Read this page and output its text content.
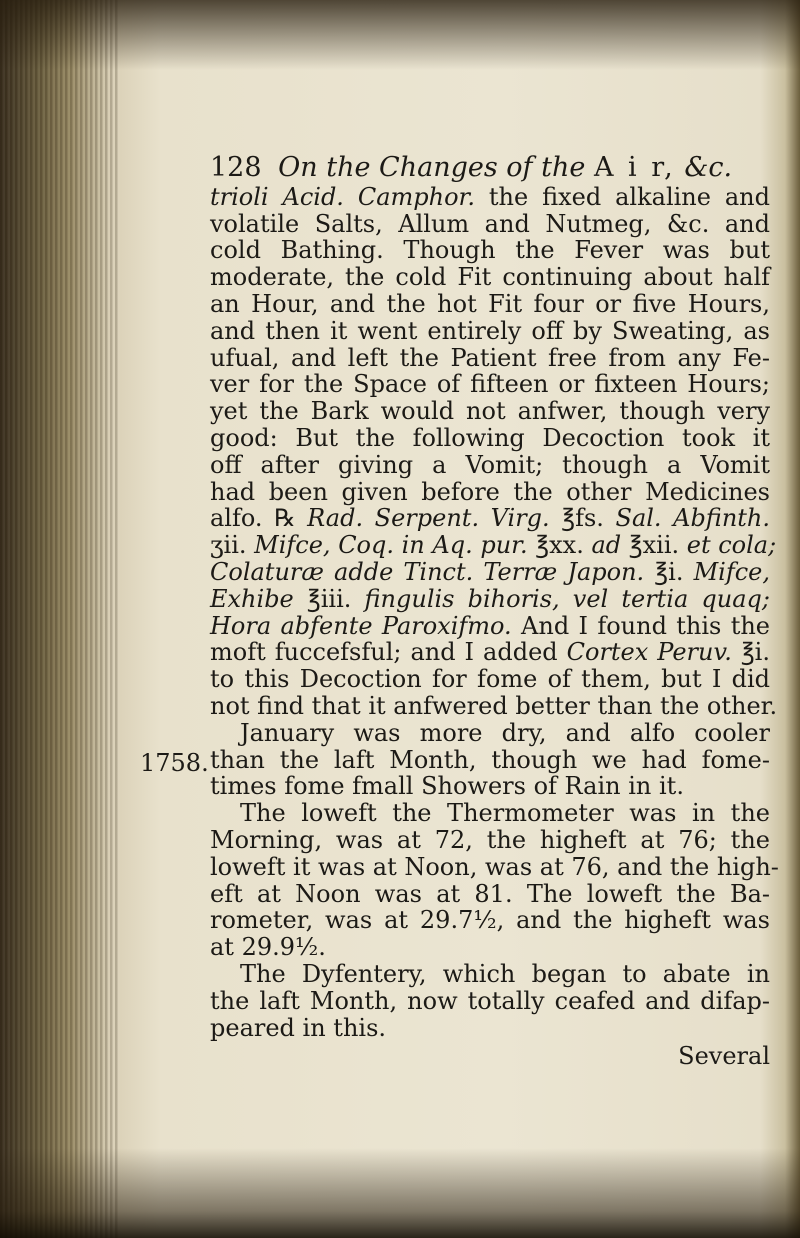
128 On the Changes of the A i r, &c.
trioli Acid. Camphor. the fixed alkaline and
volatile Salts, Allum and Nutmeg, &c. and
cold Bathing. Though the Fever was but
moderate, the cold Fit continuing about half
an Hour, and the hot Fit four or five Hours,
and then it went entirely off by Sweating, as
ufual, and left the Patient free from any Fe-
ver for the Space of fifteen or fixteen Hours;
yet the Bark would not anfwer, though very
good: But the following Decoction took it
off after giving a Vomit; though a Vomit
had been given before the other Medicines
alfo. ℞ Rad. Serpent. Virg. ℥fs. Sal. Abfinth.
ʒii. Mifce, Coq. in Aq. pur. ℥xx. ad ℥xii. et cola;
Colaturæ adde Tinct. Terræ Japon. ℥i. Mifce,
Exhibe ℥iii. fingulis bihoris, vel tertia quaq;
Hora abfente Paroxifmo. And I found this the
moft fuccefsful; and I added Cortex Peruv. ℥i.
to this Decoction for fome of them, but I did
not find that it anfwered better than the other.
January was more dry, and alfo cooler
than the laft Month, though we had fome-
times fome fmall Showers of Rain in it.
The loweft the Thermometer was in the
Morning, was at 72, the higheft at 76; the
loweft it was at Noon, was at 76, and the high-
eft at Noon was at 81. The loweft the Ba-
rometer, was at 29.7½, and the higheft was
at 29.9½.
The Dyfentery, which began to abate in
the laft Month, now totally ceafed and difap-
peared in this.
Several
1758.
